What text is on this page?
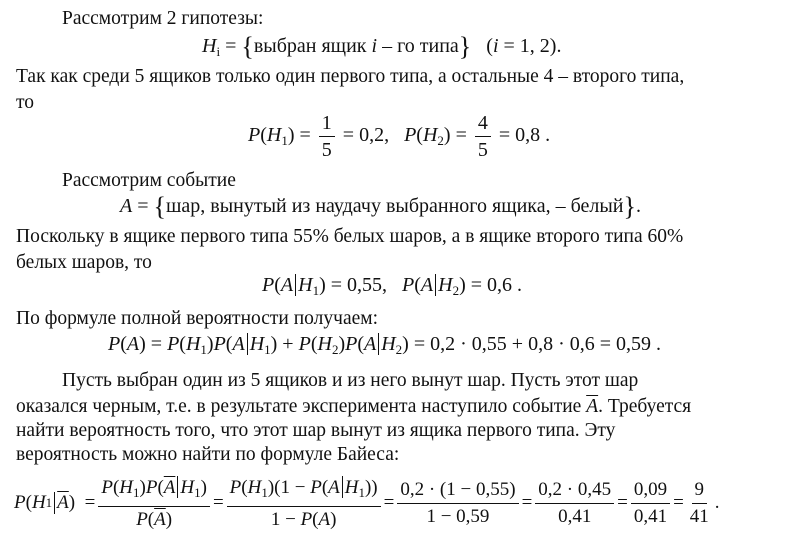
Рассмотрим 2 гипотезы:
$H_i$ = {выбран ящик i – го типа}   (i = 1, 2).
Так как среди 5 ящиков только один первого типа, а остальные 4 – второго типа,
то
$P(H_1) = \frac{1}{5} = 0,2$, $P(H_2) = \frac{4}{5} = 0,8$ .
Рассмотрим событие
A = {шар, вынутый из наудачу выбранного ящика, – белый}.
Поскольку в ящике первого типа 55% белых шаров, а в ящике второго типа 60%
белых шаров, то
P(A $H_1) = 0,55$, P(A $H_2) = 0,6$ .
По формуле полной вероятности получаем:
$P(A) = P(H_1)P(A$ $H_1) + P(H_2)P(A$ $H_2) = 0,2 \cdot 0,55 + 0,8 \cdot 0,6 = 0,59$ .
Пусть выбран один из 5 ящиков и из него вынут шар. Пусть этот шар
оказался черным, т.е. в результате эксперимента наступило событие $\overline{A}$. Требуется
найти вероятность того, что этот шар вынут из ящика первого типа. Эту
вероятность можно найти по формуле Байеса:
P ( H 1 $\overline{A}$ )  = $\frac{P(H_1)P(\overline{A} H_1)}{P(\overline{A})} = \frac{P(H_1)(1 - P(A H_1))}{1 - P(A)} = \frac{0,2 \cdot (1 - 0,55)}{1 - 0,59} = \frac{0,2 \cdot 0,45}{0,41} = \frac{0,09}{0,41} = \frac{9}{41}$ .
